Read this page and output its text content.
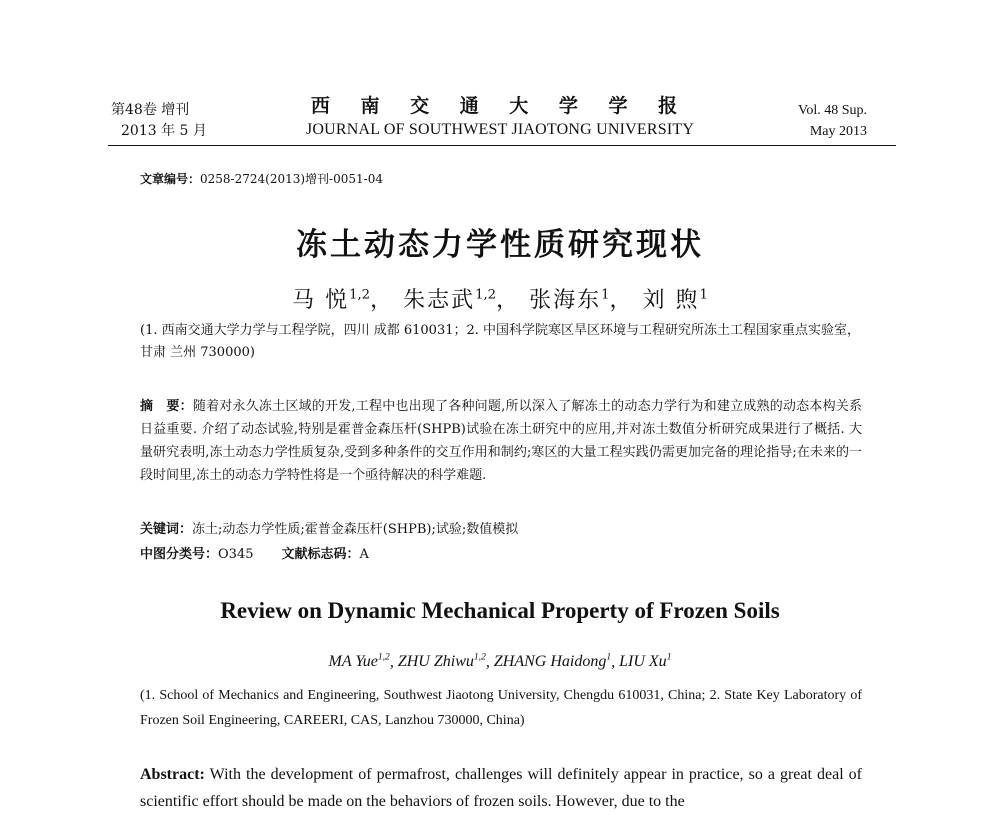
第48卷 增刊
2013 年 5 月
西 南 交 通 大 学 学 报
JOURNAL OF SOUTHWEST JIAOTONG UNIVERSITY
Vol. 48 Sup.
May 2013
文章编号：0258-2724(2013)增刊-0051-04
冻土动态力学性质研究现状
马 悦$^{1,2}$， 朱志武$^{1,2}$， 张海东$^1$， 刘 煦$^1$
(1. 西南交通大学力学与工程学院，四川 成都 610031；2. 中国科学院寒区旱区环境与工程研究所冻土工程国家重点实验室，甘肃 兰州 730000)
摘　要：随着对永久冻土区域的开发,工程中也出现了各种问题,所以深入了解冻土的动态力学行为和建立成熟的动态本构关系日益重要. 介绍了动态试验,特别是霍普金森压杆(SHPB)试验在冻土研究中的应用,并对冻土数值分析研究成果进行了概括. 大量研究表明,冻土动态力学性质复杂,受到多种条件的交互作用和制约;寒区的大量工程实践仍需更加完备的理论指导;在未来的一段时间里,冻土的动态力学特性将是一个亟待解决的科学难题.
关键词：冻土;动态力学性质;霍普金森压杆(SHPB);试验;数值模拟
中图分类号：O345 文献标志码：A
Review on Dynamic Mechanical Property of Frozen Soils
MA Yue$^{1,2}$, ZHU Zhiwu$^{1,2}$, ZHANG Haidong$^1$, LIU Xu$^1$
(1. School of Mechanics and Engineering, Southwest Jiaotong University, Chengdu 610031, China; 2. State Key Laboratory of Frozen Soil Engineering, CAREERI, CAS, Lanzhou 730000, China)
Abstract: With the development of permafrost, challenges will definitely appear in practice, so a great deal of scientific effort should be made on the behaviors of frozen soils. However, due to the
